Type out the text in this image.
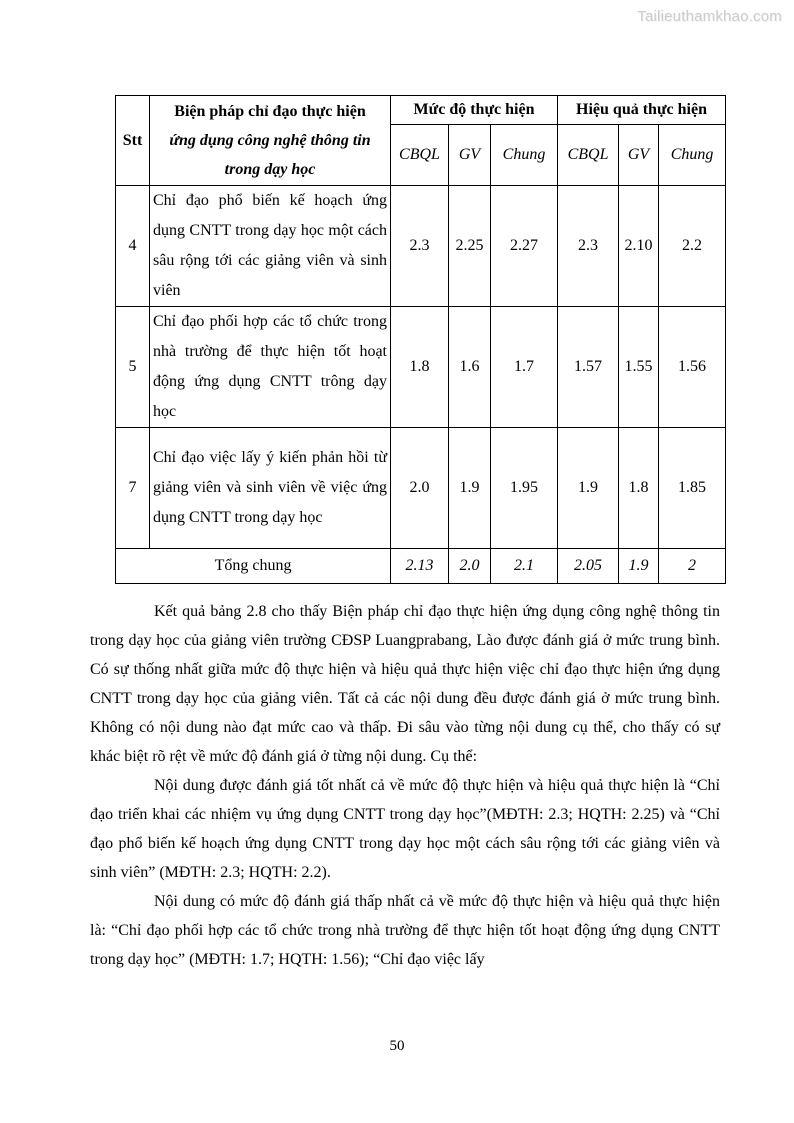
Tailieuthamkhao.com
Stt	Biện pháp chỉ đạo thực hiện
ứng dụng công nghệ thông tin
trong dạy học	Mức độ thực hiện			Hiệu quả thực hiện		
		CBQL	GV	Chung	CBQL	GV	Chung
4	Chỉ đạo phổ biến kế hoạch ứng dụng CNTT trong dạy học một cách sâu rộng tới các giảng viên và sinh viên	2.3	2.25	2.27	2.3	2.10	2.2
5	Chỉ đạo phối hợp các tổ chức trong nhà trường để thực hiện tốt hoạt động ứng dụng CNTT trông dạy học	1.8	1.6	1.7	1.57	1.55	1.56
7	Chỉ đạo việc lấy ý kiến phản hồi từ giảng viên và sinh viên về việc ứng dụng CNTT trong dạy học	2.0	1.9	1.95	1.9	1.8	1.85
Tổng chung		2.13	2.0	2.1	2.05	1.9	2

Kết quả bảng 2.8 cho thấy Biện pháp chỉ đạo thực hiện ứng dụng công nghệ thông tin trong dạy học của giảng viên trường CĐSP Luangprabang, Lào được đánh giá ở mức trung bình. Có sự thống nhất giữa mức độ thực hiện và hiệu quả thực hiện việc chỉ đạo thực hiện ứng dụng CNTT trong dạy học của giảng viên. Tất cả các nội dung đều được đánh giá ở mức trung bình. Không có nội dung nào đạt mức cao và thấp. Đi sâu vào từng nội dung cụ thể, cho thấy có sự khác biệt rõ rệt về mức độ đánh giá ở từng nội dung. Cụ thể:

Nội dung được đánh giá tốt nhất cả về mức độ thực hiện và hiệu quả thực hiện là “Chỉ đạo triển khai các nhiệm vụ ứng dụng CNTT trong dạy học”(MĐTH: 2.3; HQTH: 2.25) và “Chỉ đạo phổ biến kế hoạch ứng dụng CNTT trong dạy học một cách sâu rộng tới các giảng viên và sinh viên” (MĐTH: 2.3; HQTH: 2.2).

Nội dung có mức độ đánh giá thấp nhất cả về mức độ thực hiện và hiệu quả thực hiện là: “Chỉ đạo phối hợp các tổ chức trong nhà trường để thực hiện tốt hoạt động ứng dụng CNTT trong dạy học” (MĐTH: 1.7; HQTH: 1.56); “Chỉ đạo việc lấy

50
